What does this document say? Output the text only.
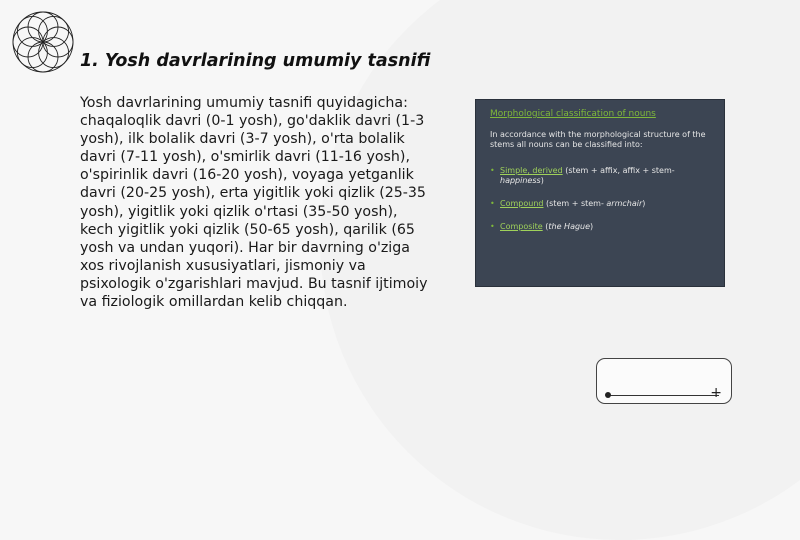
1. Yosh davrlarining umumiy tasnifi

Yosh davrlarining umumiy tasnifi quyidagicha: chaqaloqlik davri (0-1 yosh), go'daklik davri (1-3 yosh), ilk bolalik davri (3-7 yosh), o'rta bolalik davri (7-11 yosh), o'smirlik davri (11-16 yosh), o'spirinlik davri (16-20 yosh), voyaga yetganlik davri (20-25 yosh), erta yigitlik yoki qizlik (25-35 yosh), yigitlik yoki qizlik o'rtasi (35-50 yosh), kech yigitlik yoki qizlik (50-65 yosh), qarilik (65 yosh va undan yuqori). Har bir davrning o'ziga xos rivojlanish xususiyatlari, jismoniy va psixologik o'zgarishlari mavjud. Bu tasnif ijtimoiy va fiziologik omillardan kelib chiqqan.

Morphological classification of nouns
In accordance with the morphological structure of the stems all nouns can be classified into:
• Simple, derived (stem + affix, affix + stem- happiness)
• Compound (stem + stem- armchair)
• Composite (the Hague)
+
